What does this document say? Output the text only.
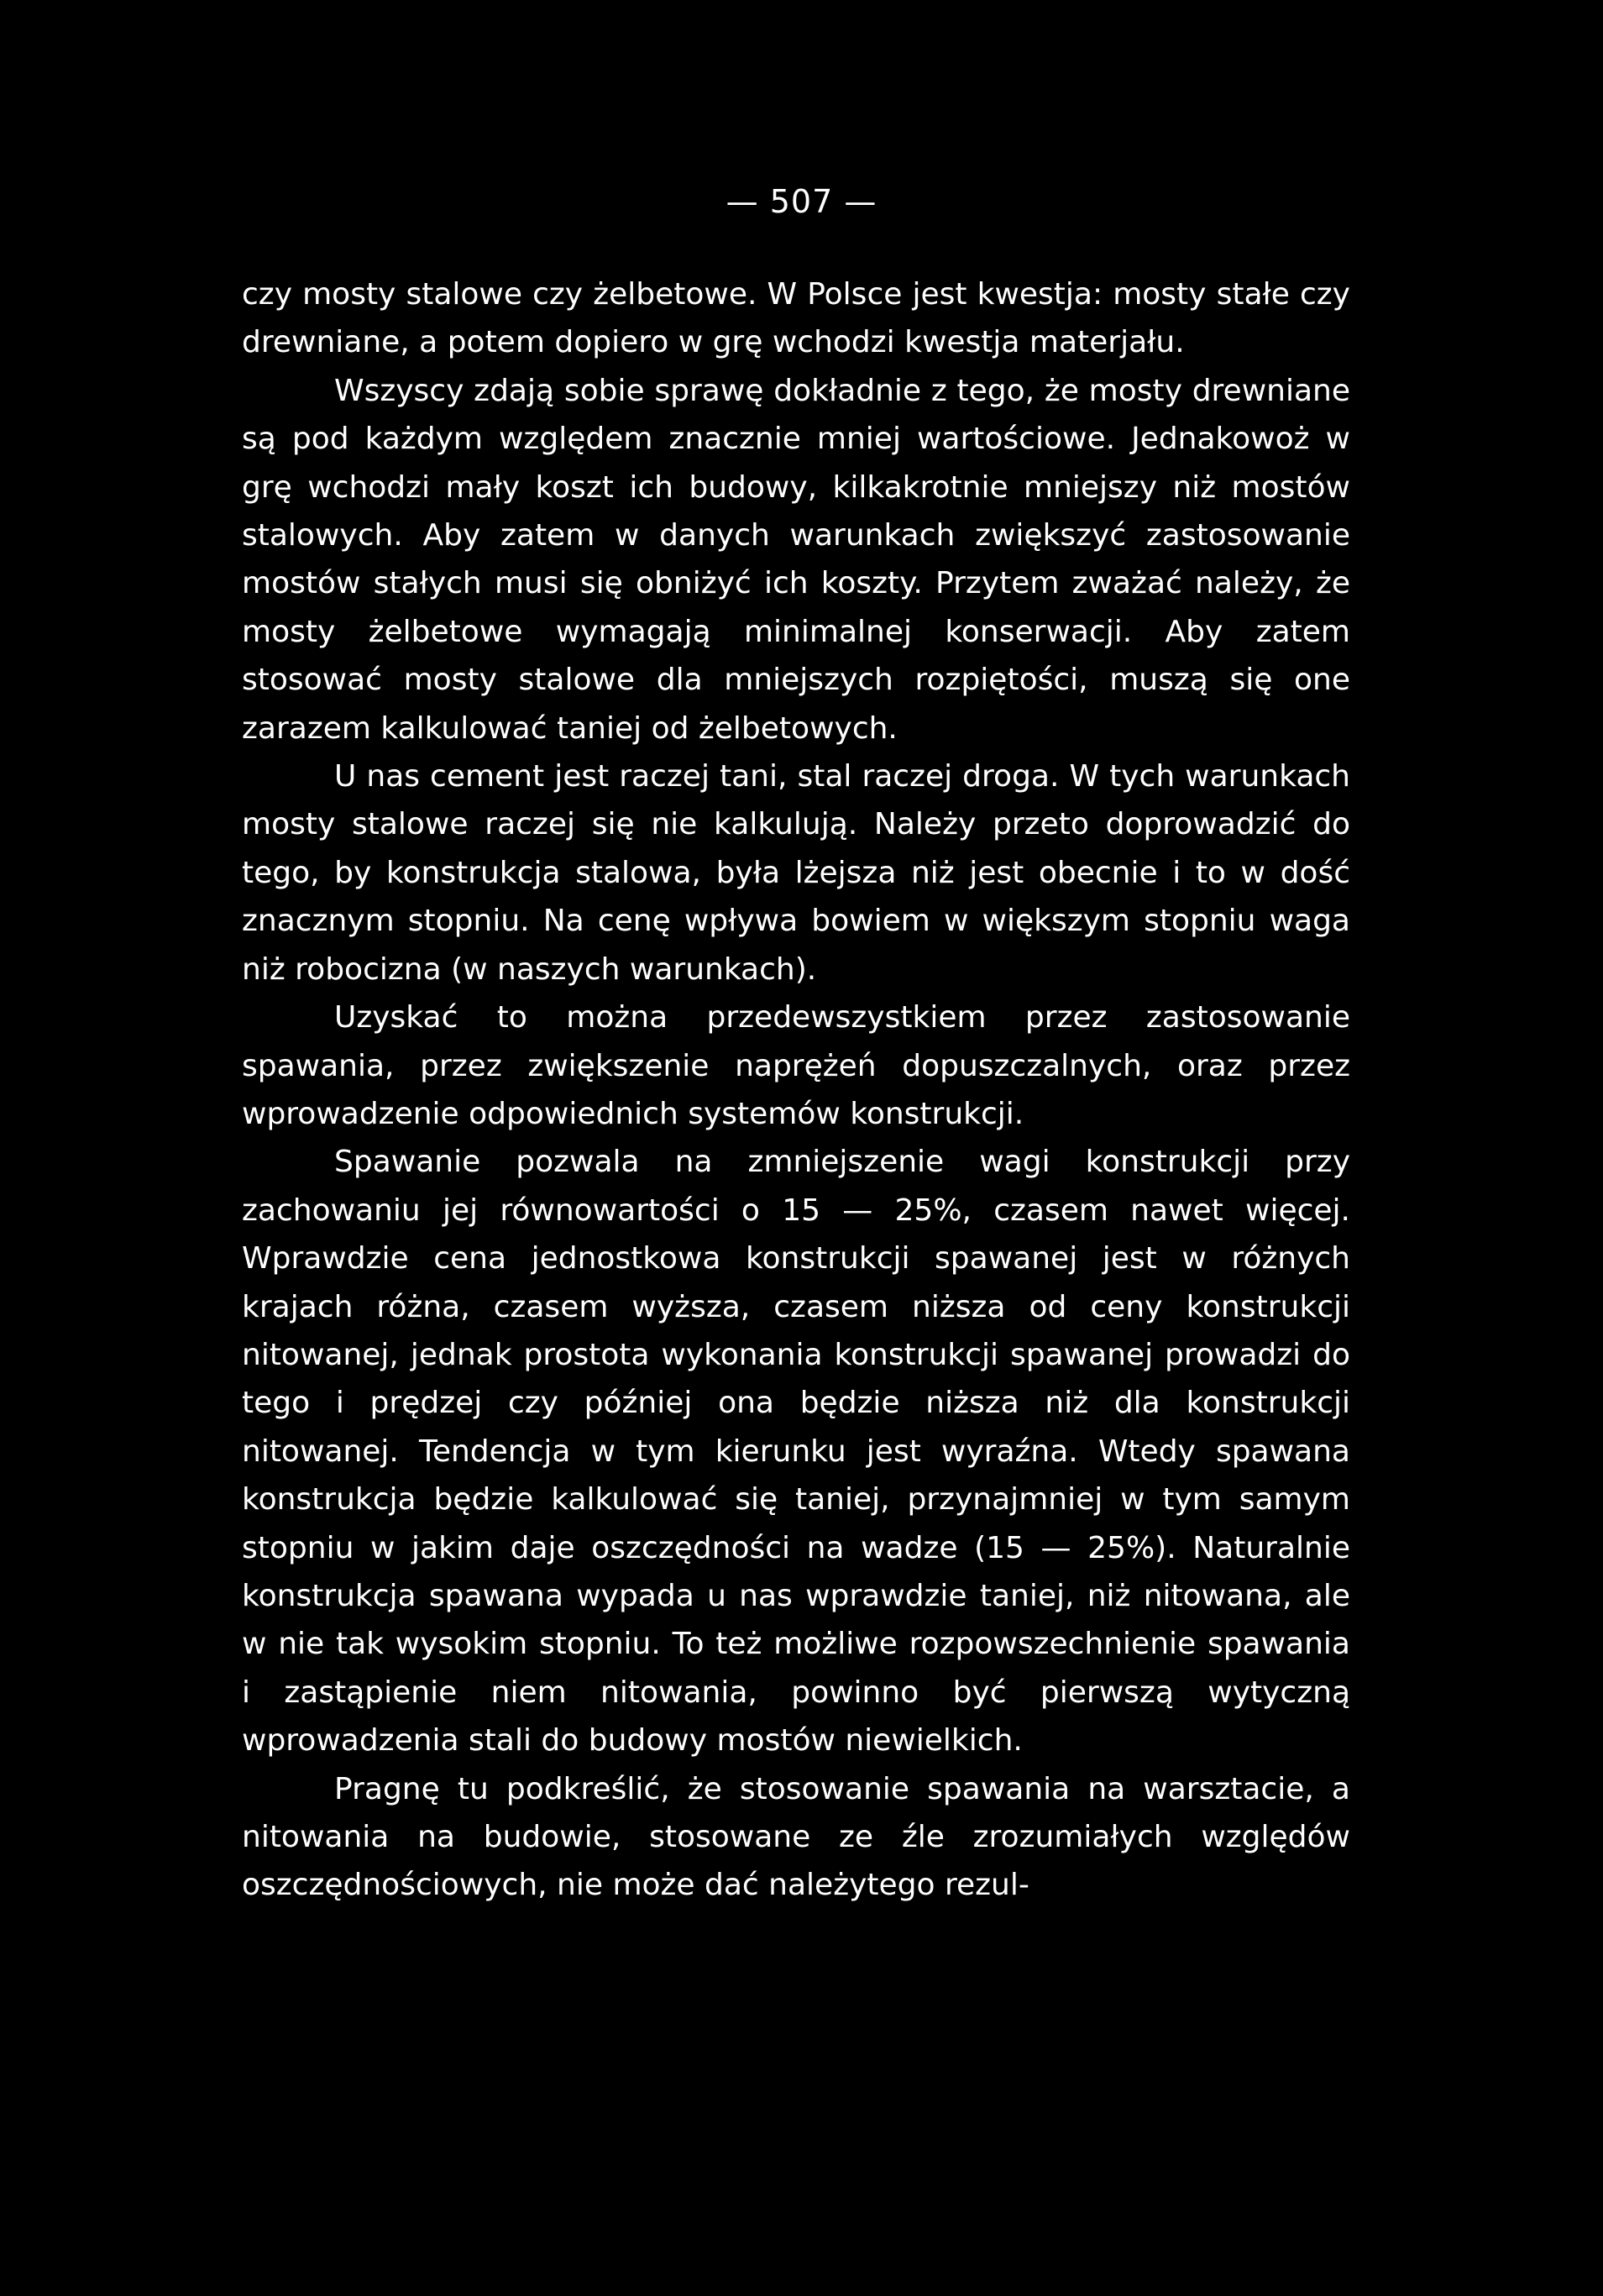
— 507 —

czy mosty stalowe czy żelbetowe. W Polsce jest kwestja: mosty stałe czy drewniane, a potem dopiero w grę wchodzi kwestja materjału.

Wszyscy zdają sobie sprawę dokładnie z tego, że mosty drewniane są pod każdym względem znacznie mniej wartościowe. Jednakowoż w grę wchodzi mały koszt ich budowy, kilkakrotnie mniejszy niż mostów stalowych. Aby zatem w danych warunkach zwiększyć zastosowanie mostów stałych musi się obniżyć ich koszty. Przytem zważać należy, że mosty żelbetowe wymagają minimalnej konserwacji. Aby zatem stosować mosty stalowe dla mniejszych rozpiętości, muszą się one zarazem kalkulować taniej od żelbetowych.

U nas cement jest raczej tani, stal raczej droga. W tych warunkach mosty stalowe raczej się nie kalkulują. Należy przeto doprowadzić do tego, by konstrukcja stalowa, była lżejsza niż jest obecnie i to w dość znacznym stopniu. Na cenę wpływa bowiem w większym stopniu waga niż robocizna (w naszych warunkach).

Uzyskać to można przedewszystkiem przez zastosowanie spawania, przez zwiększenie naprężeń dopuszczalnych, oraz przez wprowadzenie odpowiednich systemów konstrukcji.

Spawanie pozwala na zmniejszenie wagi konstrukcji przy zachowaniu jej równowartości o 15 — 25%, czasem nawet więcej. Wprawdzie cena jednostkowa konstrukcji spawanej jest w różnych krajach różna, czasem wyższa, czasem niższa od ceny konstrukcji nitowanej, jednak prostota wykonania konstrukcji spawanej prowadzi do tego i prędzej czy później ona będzie niższa niż dla konstrukcji nitowanej. Tendencja w tym kierunku jest wyraźna. Wtedy spawana konstrukcja będzie kalkulować się taniej, przynajmniej w tym samym stopniu w jakim daje oszczędności na wadze (15 — 25%). Naturalnie konstrukcja spawana wypada u nas wprawdzie taniej, niż nitowana, ale w nie tak wysokim stopniu. To też możliwe rozpowszechnienie spawania i zastąpienie niem nitowania, powinno być pierwszą wytyczną wprowadzenia stali do budowy mostów niewielkich.

Pragnę tu podkreślić, że stosowanie spawania na warsztacie, a nitowania na budowie, stosowane ze źle zrozumiałych względów oszczędnościowych, nie może dać należytego rezul-
